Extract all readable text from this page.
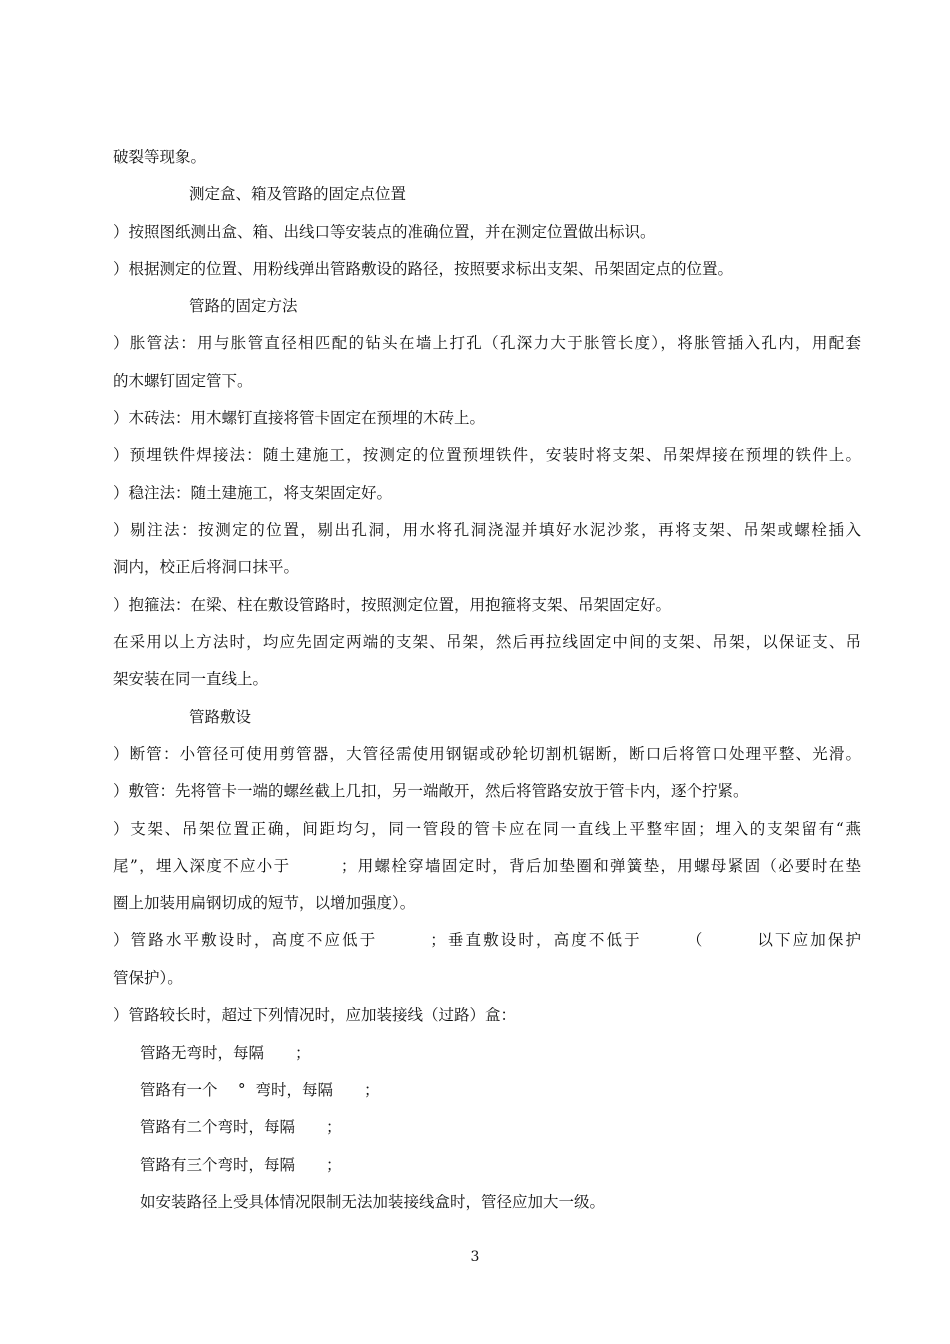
破裂等现象。
测定盒、箱及管路的固定点位置
）按照图纸测出盒、箱、出线口等安装点的准确位置，并在测定位置做出标识。
）根据测定的位置、用粉线弹出管路敷设的路径，按照要求标出支架、吊架固定点的位置。
管路的固定方法
）胀管法：用与胀管直径相匹配的钻头在墙上打孔（孔深力大于胀管长度），将胀管插入孔内，用配套
的木螺钉固定管下。
）木砖法：用木螺钉直接将管卡固定在预埋的木砖上。
）预埋铁件焊接法：随土建施工，按测定的位置预埋铁件，安装时将支架、吊架焊接在预埋的铁件上。
）稳注法：随土建施工，将支架固定好。
）剔注法：按测定的位置，剔出孔洞，用水将孔洞浇湿并填好水泥沙浆，再将支架、吊架或螺栓插入
洞内，校正后将洞口抹平。
）抱箍法：在梁、柱在敷设管路时，按照测定位置，用抱箍将支架、吊架固定好。
在采用以上方法时，均应先固定两端的支架、吊架，然后再拉线固定中间的支架、吊架，以保证支、吊
架安装在同一直线上。
管路敷设
）断管：小管径可使用剪管器，大管径需使用钢锯或砂轮切割机锯断，断口后将管口处理平整、光滑。
）敷管：先将管卡一端的螺丝截上几扣，另一端敞开，然后将管路安放于管卡内，逐个拧紧。
）支架、吊架位置正确，间距均匀，同一管段的管卡应在同一直线上平整牢固；埋入的支架留有“燕
尾”，埋入深度不应小于　　　；用螺栓穿墙固定时，背后加垫圈和弹簧垫，用螺母紧固（必要时在垫
圈上加装用扁钢切成的短节，以增加强度）。
）管路水平敷设时，高度不应低于　　　；垂直敷设时，高度不低于　　　（　　　以下应加保护
管保护）。
）管路较长时，超过下列情况时，应加装接线（过路）盒：
管路无弯时，每隔　　；
管路有一个　 °  弯时，每隔　　；
管路有二个弯时，每隔　　；
管路有三个弯时，每隔　　；
如安装路径上受具体情况限制无法加装接线盒时，管径应加大一级。
3
